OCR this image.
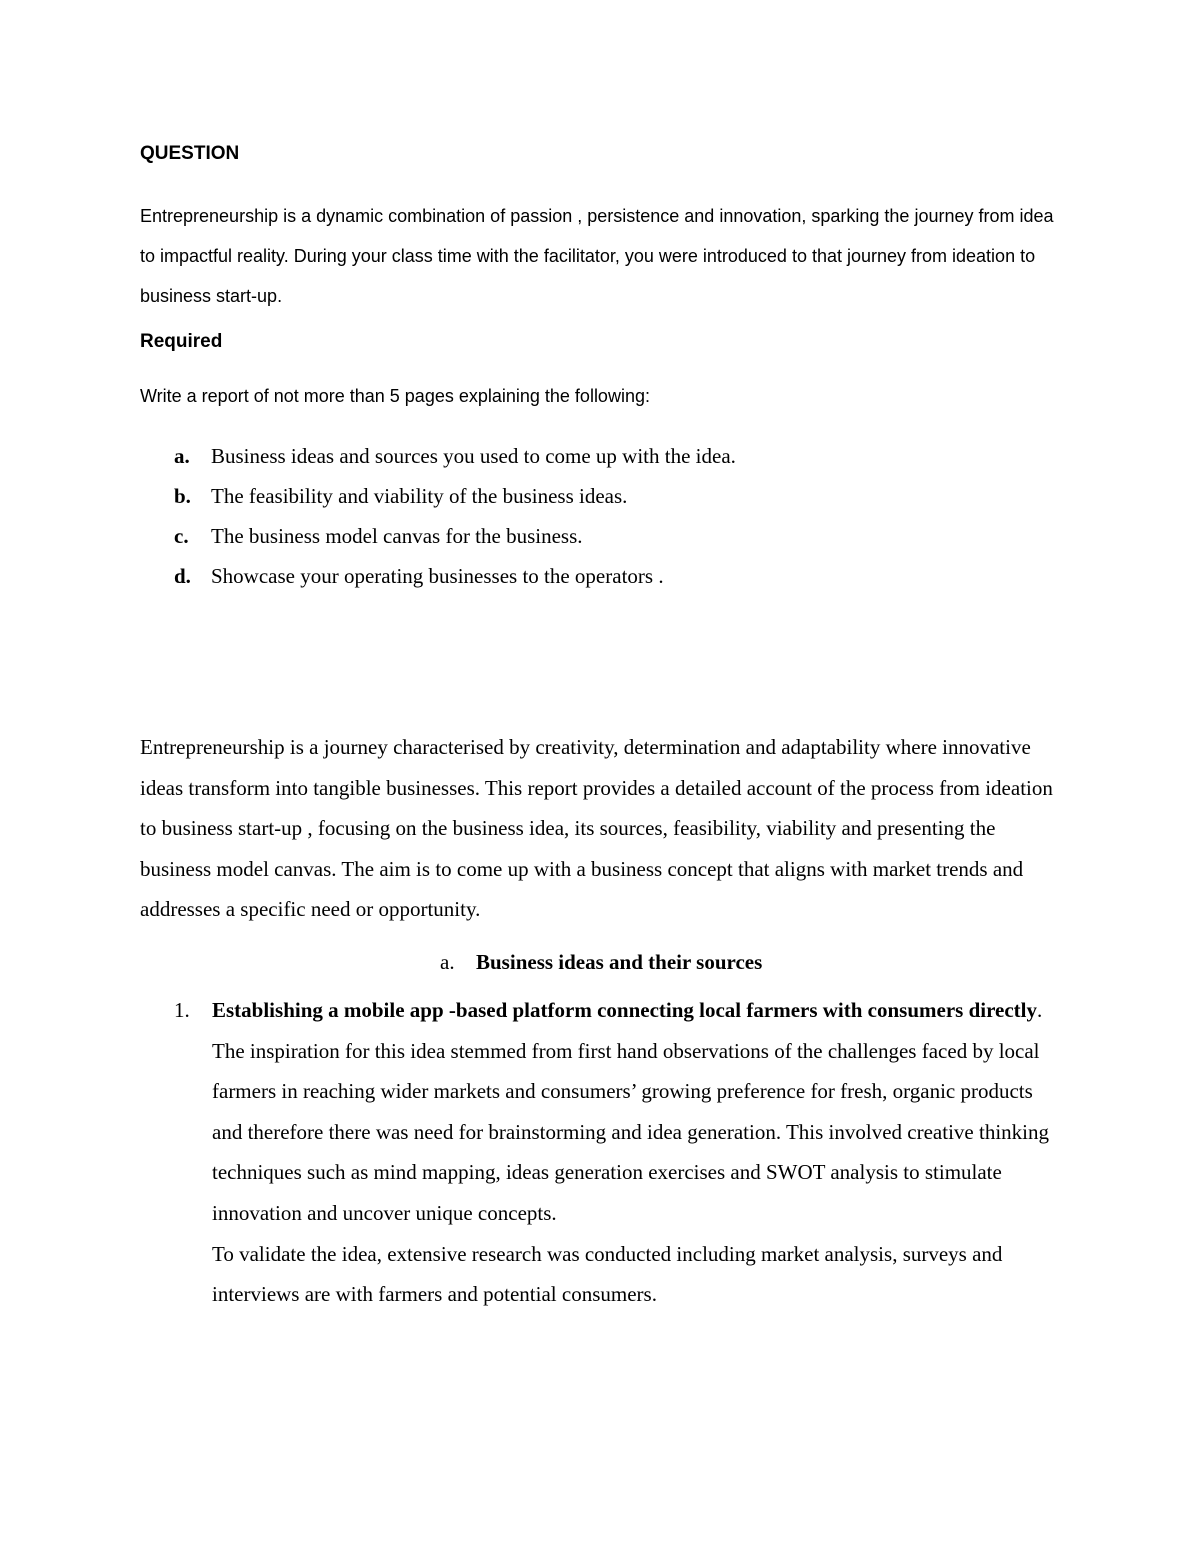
QUESTION
Entrepreneurship is a dynamic combination of passion , persistence and innovation, sparking the journey from idea to impactful reality. During your class time with the facilitator, you were introduced to that journey from ideation to business start-up.
Required
Write a report of not more than 5 pages explaining the following:
a.	Business ideas and sources you used to come up with the idea.
b. The feasibility and viability of the business ideas.
c.	The business model canvas for the business.
d. Showcase your operating businesses to the operators .
Entrepreneurship is a journey characterised by creativity, determination and adaptability where innovative ideas transform into tangible businesses. This report provides a detailed account of the process from ideation to business start-up , focusing on the business idea, its sources, feasibility, viability and presenting the business model canvas. The aim is to come up with a business concept that aligns with market trends and addresses a specific need or opportunity.
a.	Business ideas and their sources
1.	Establishing a mobile app -based platform connecting local farmers with consumers directly. The inspiration for this idea stemmed from first hand observations of the challenges faced by local farmers in reaching wider markets and consumers’ growing preference for fresh, organic products and therefore there was need for brainstorming and idea generation. This involved creative thinking techniques such as mind mapping, ideas generation exercises and SWOT analysis to stimulate innovation and uncover unique concepts.

To validate the idea, extensive research was conducted including market analysis, surveys and interviews are with farmers and potential consumers.
